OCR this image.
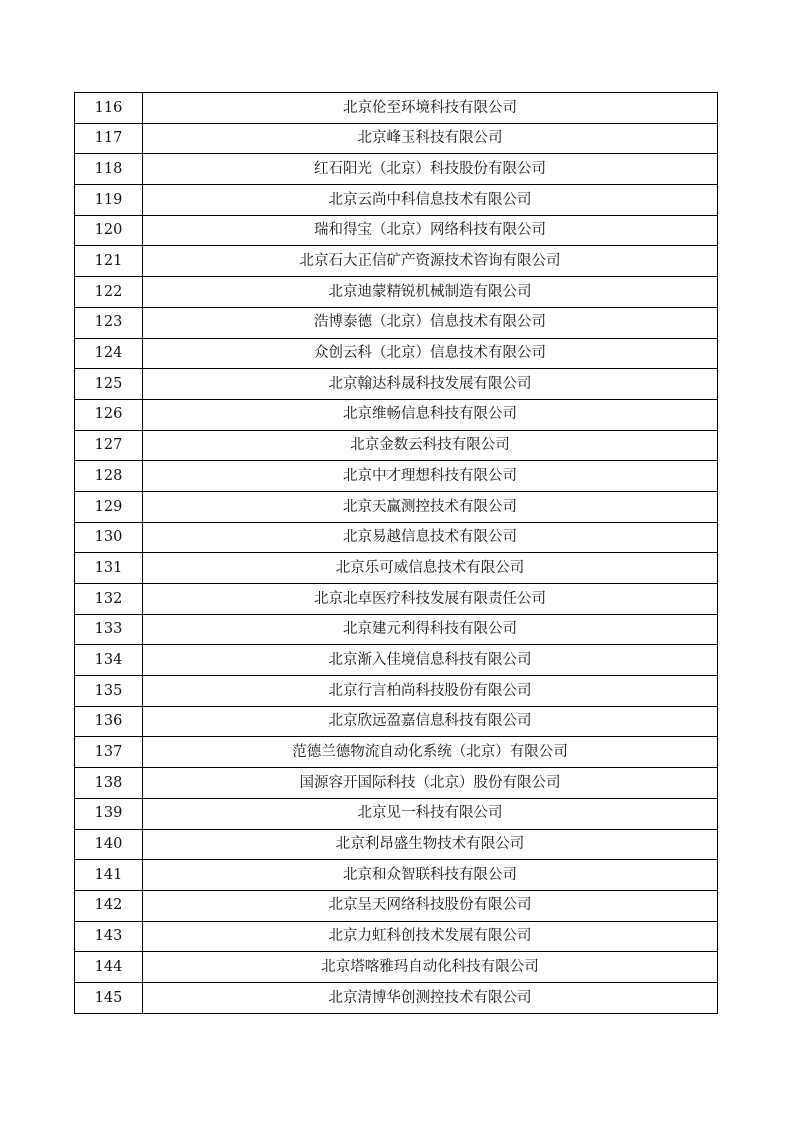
116	北京伦至环境科技有限公司
117	北京峰玉科技有限公司
118	红石阳光（北京）科技股份有限公司
119	北京云尚中科信息技术有限公司
120	瑞和得宝（北京）网络科技有限公司
121	北京石大正信矿产资源技术咨询有限公司
122	北京迪蒙精锐机械制造有限公司
123	浩博泰德（北京）信息技术有限公司
124	众创云科（北京）信息技术有限公司
125	北京翰达科晟科技发展有限公司
126	北京维畅信息科技有限公司
127	北京金数云科技有限公司
128	北京中才理想科技有限公司
129	北京天赢测控技术有限公司
130	北京易越信息技术有限公司
131	北京乐可威信息技术有限公司
132	北京北卓医疗科技发展有限责任公司
133	北京建元利得科技有限公司
134	北京渐入佳境信息科技有限公司
135	北京行言柏尚科技股份有限公司
136	北京欣远盈嘉信息科技有限公司
137	范德兰德物流自动化系统（北京）有限公司
138	国源容开国际科技（北京）股份有限公司
139	北京见一科技有限公司
140	北京利昂盛生物技术有限公司
141	北京和众智联科技有限公司
142	北京呈天网络科技股份有限公司
143	北京力虹科创技术发展有限公司
144	北京塔喀雅玛自动化科技有限公司
145	北京清博华创测控技术有限公司
